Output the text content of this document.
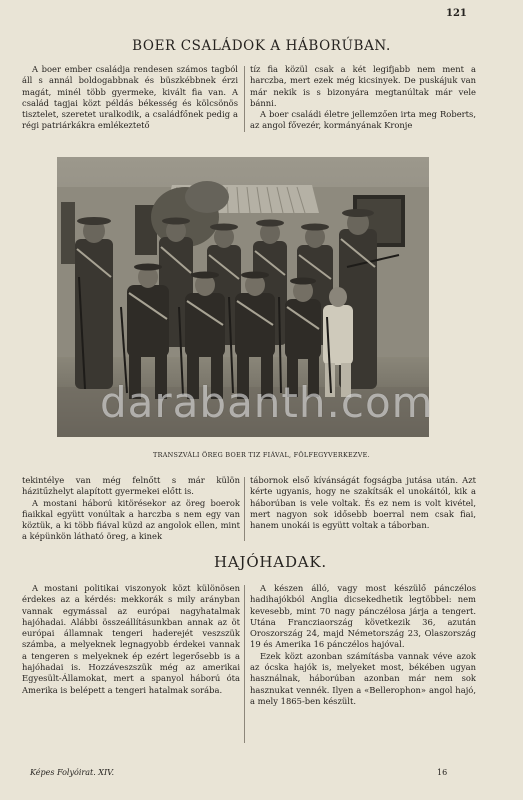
121
BOER CSALÁDOK A HÁBORÚBAN.

A boer ember családja rendesen számos tagból áll s annál boldogabbnak és büszkébbnek érzi magát, minél több gyermeke, kivált fia van. A család tagjai közt példás békesség és kölcsönös tisztelet, szeretet uralkodik, a családfőnek pedig a régi patriárkákra emlékeztető

tíz fia közül csak a két legifjabb nem ment a harczba, mert ezek még kicsinyek. De puskájuk van már nekik is s bizonyára megtanúltak már vele bánni.

A boer családi életre jellemzően irta meg Roberts, az angol fővezér, kormányának Kronje

darabanth.com
TRANSZVÁLI ÖREG BOER TIZ FIÁVAL, FÖLFEGYVERKEZVE.

tekintélye van még felnőtt s már külön házitűzhelyt alapított gyermekei előtt is.

A mostani háború kitörésekor az öreg boerok fiaikkal együtt vonúltak a harczba s nem egy van köztük, a ki több fiával küzd az angolok ellen, mint a képünkön látható öreg, a kinek

tábornok első kívánságát fogságba jutása után. Azt kérte ugyanis, hogy ne szakítsák el unokáitól, kik a háborúban is vele voltak. És ez nem is volt kivétel, mert nagyon sok idősebb boerral nem csak fiai, hanem unokái is együtt voltak a táborban.

HAJÓHADAK.

A mostani politikai viszonyok közt különösen érdekes az a kérdés: mekkorák s mily arányban vannak egymással az európai nagyhatalmak hajóhadai. Alábbi összeállításunkban annak az öt európai államnak tengeri haderejét veszszük számba, a melyeknek legnagyobb érdekei vannak a tengeren s melyeknek ép ezért legerősebb is a hajóhadai is. Hozzáveszszük még az amerikai Egyesült-Államokat, mert a spanyol háború óta Amerika is belépett a tengeri hatalmak sorába.

A készen álló, vagy most készülő pánczélos hadihajókból Anglia dicsekedhetik legtöbbel: nem kevesebb, mint 70 nagy pánczélosa járja a tengert. Utána Francziaország következik 36, azután Oroszország 24, majd Németország 23, Olaszország 19 és Amerika 16 pánczélos hajóval.

Ezek közt azonban számításba vannak véve azok az ócska hajók is, melyeket most, békében ugyan használnak, háborúban azonban már nem sok hasznukat vennék. Ilyen a «Bellerophon» angol hajó, a mely 1865-ben készült.

Képes Folyóirat. XIV.	16
